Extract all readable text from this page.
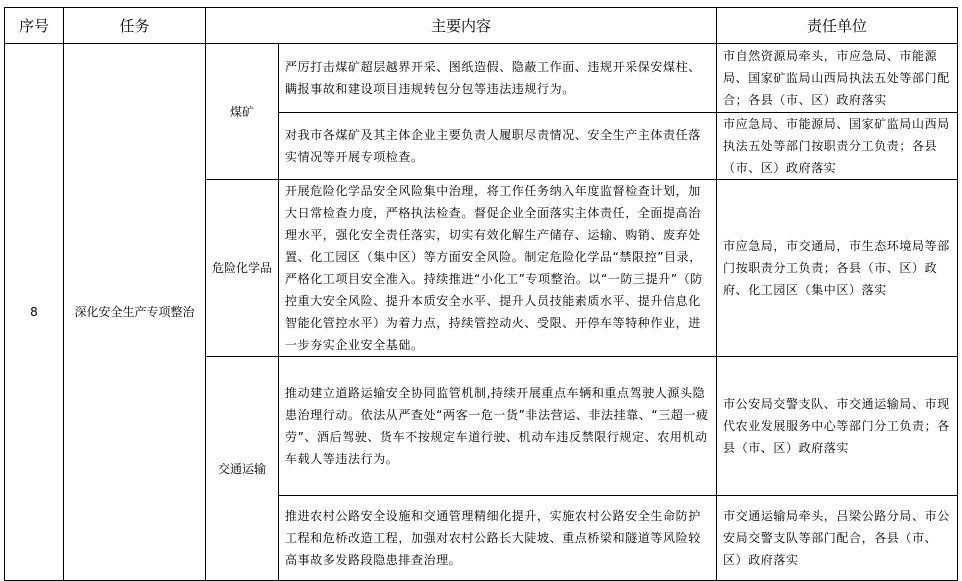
序号	任务	主要内容		责任单位
8	深化安全生产专项整治	煤矿	严厉打击煤矿超层越界开采、图纸造假、隐蔽工作面、违规开采保安煤柱、瞒报事故和建设项目违规转包分包等违法违规行为。	市自然资源局牵头，市应急局、市能源局、国家矿监局山西局执法五处等部门配合；各县（市、区）政府落实
			对我市各煤矿及其主体企业主要负责人履职尽责情况、安全生产主体责任落实情况等开展专项检查。	市应急局、市能源局、国家矿监局山西局执法五处等部门按职责分工负责；各县（市、区）政府落实
		危险化学品	开展危险化学品安全风险集中治理，将工作任务纳入年度监督检查计划，加大日常检查力度，严格执法检查。督促企业全面落实主体责任，全面提高治理水平，强化安全责任落实，切实有效化解生产储存、运输、购销、废弃处置、化工园区（集中区）等方面安全风险。制定危险化学品“禁限控”目录，严格化工项目安全准入。持续推进“小化工”专项整治。以“一防三提升”（防控重大安全风险、提升本质安全水平、提升人员技能素质水平、提升信息化智能化管控水平）为着力点，持续管控动火、受限、开停车等特种作业，进一步夯实企业安全基础。	市应急局，市交通局，市生态环境局等部门按职责分工负责；各县（市、区）政府、化工园区（集中区）落实
		交通运输	推动建立道路运输安全协同监管机制,持续开展重点车辆和重点驾驶人源头隐患治理行动。依法从严查处“两客一危一货”非法营运、非法挂靠、“三超一疲劳”、酒后驾驶、货车不按规定车道行驶、机动车违反禁限行规定、农用机动车载人等违法行为。	市公安局交警支队、市交通运输局、市现代农业发展服务中心等部门分工负责；各县（市、区）政府落实
			推进农村公路安全设施和交通管理精细化提升，实施农村公路安全生命防护工程和危桥改造工程，加强对农村公路长大陡坡、重点桥梁和隧道等风险较高事故多发路段隐患排查治理。	市交通运输局牵头，吕梁公路分局、市公安局交警支队等部门配合，各县（市、区）政府落实
